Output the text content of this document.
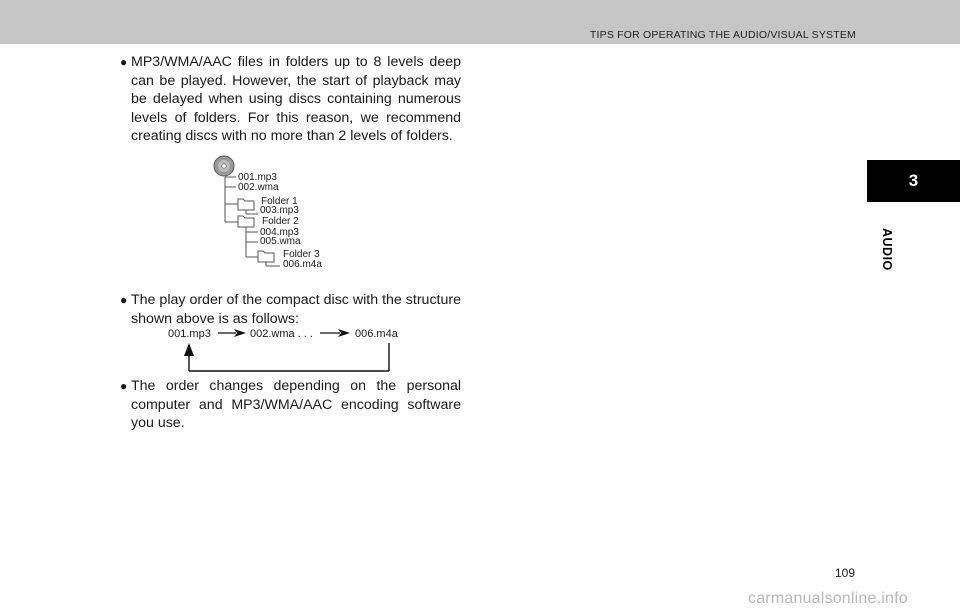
TIPS FOR OPERATING THE AUDIO/VISUAL SYSTEM
3
AUDIO
● MP3/WMA/AAC files in folders up to 8 levels deep can be played. However, the start of playback may be delayed when using discs containing numerous levels of folders. For this reason, we recommend creating discs with no more than 2 levels of folders.
001.mp3
002.wma
Folder 1
003.mp3
Folder 2
004.mp3
005.wma
Folder 3
006.m4a
● The play order of the compact disc with the structure shown above is as follows:
001.mp3	002.wma . . .	006.m4a
● The order changes depending on the personal computer and MP3/WMA/AAC encoding software you use.
109
carmanualsonline.info
